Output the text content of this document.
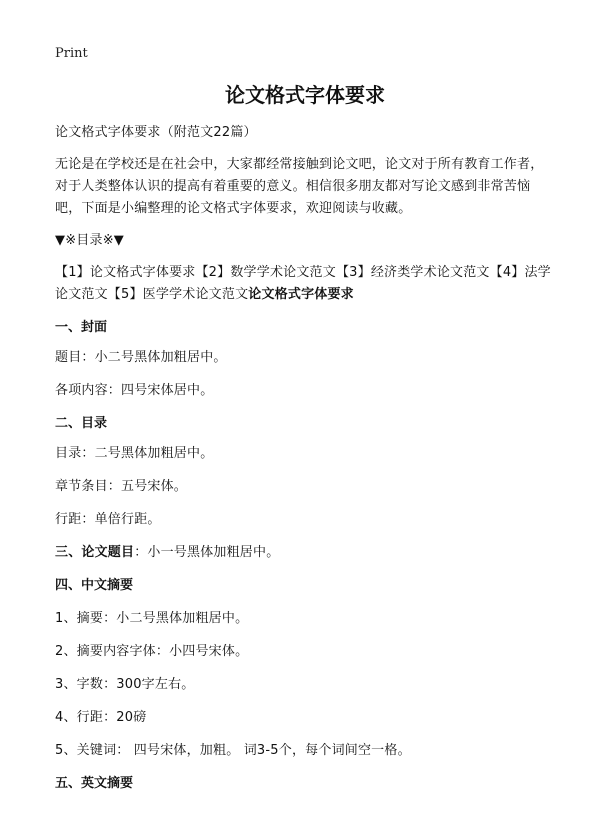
Print

论文格式字体要求

论文格式字体要求（附范文22篇）

无论是在学校还是在社会中，大家都经常接触到论文吧，论文对于所有教育工作者，对于人类整体认识的提高有着重要的意义。相信很多朋友都对写论文感到非常苦恼吧，下面是小编整理的论文格式字体要求，欢迎阅读与收藏。

▼※目录※▼

【1】论文格式字体要求【2】数学学术论文范文【3】经济类学术论文范文【4】法学论文范文【5】医学学术论文范文论文格式字体要求

一、封面

题目：小二号黑体加粗居中。

各项内容：四号宋体居中。

二、目录

目录：二号黑体加粗居中。

章节条目：五号宋体。

行距：单倍行距。

三、论文题目：小一号黑体加粗居中。

四、中文摘要

1、摘要：小二号黑体加粗居中。

2、摘要内容字体：小四号宋体。

3、字数：300字左右。

4、行距：20磅

5、关键词： 四号宋体，加粗。 词3-5个，每个词间空一格。

五、英文摘要
